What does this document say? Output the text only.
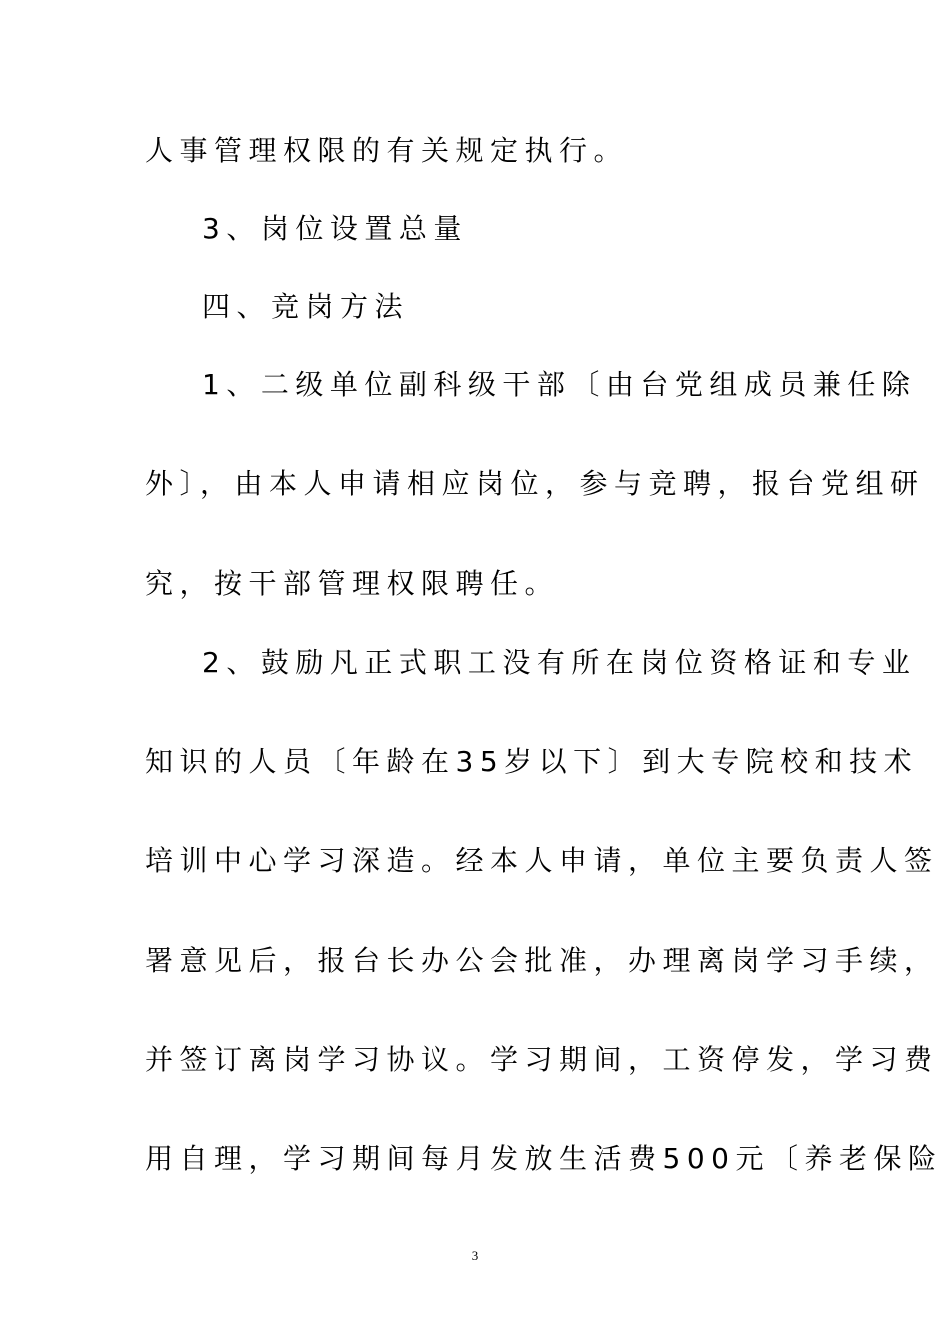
人事管理权限的有关规定执行。
3、岗位设置总量
四、竞岗方法
1、二级单位副科级干部〔由台党组成员兼任除
外〕，由本人申请相应岗位，参与竞聘，报台党组研
究，按干部管理权限聘任。
2、鼓励凡正式职工没有所在岗位资格证和专业
知识的人员〔年龄在35岁以下〕到大专院校和技术
培训中心学习深造。经本人申请，单位主要负责人签
署意见后，报台长办公会批准，办理离岗学习手续，
并签订离岗学习协议。学习期间，工资停发，学习费
用自理，学习期间每月发放生活费500元〔养老保险
3
